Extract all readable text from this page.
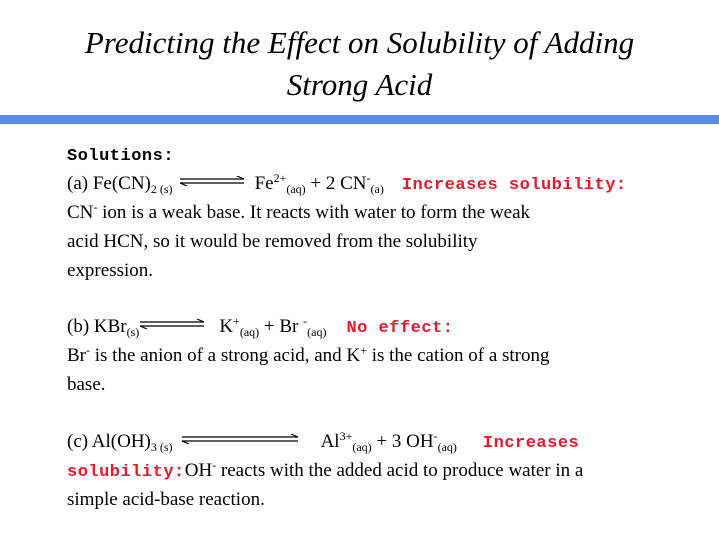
Predicting the Effect on Solubility of Adding
Strong Acid
Solutions:
(a) $Fe(CN)_{2 (s)}$ ⇌ $Fe^{2+}_{(aq)} + 2$ $CN^-_{(a)}$ Increases solubility:
CN- ion is a weak base. It reacts with water to form the weak
acid HCN, so it would be removed from the solubility
expression.
(b) KBr$_{(s)}$ ⇌ $K^+_{(aq)} + Br$ -$_{(aq)}$ No effect:
Br- is the anion of a strong acid, and K+ is the cation of a strong
base.
(c) $Al(OH)_{3 (s)}$	$Al^{3+}_{(aq)} + 3$ $OH^-_{(aq)}$ Increases
solubility:OH- reacts with the added acid to produce water in a
simple acid-base reaction.
